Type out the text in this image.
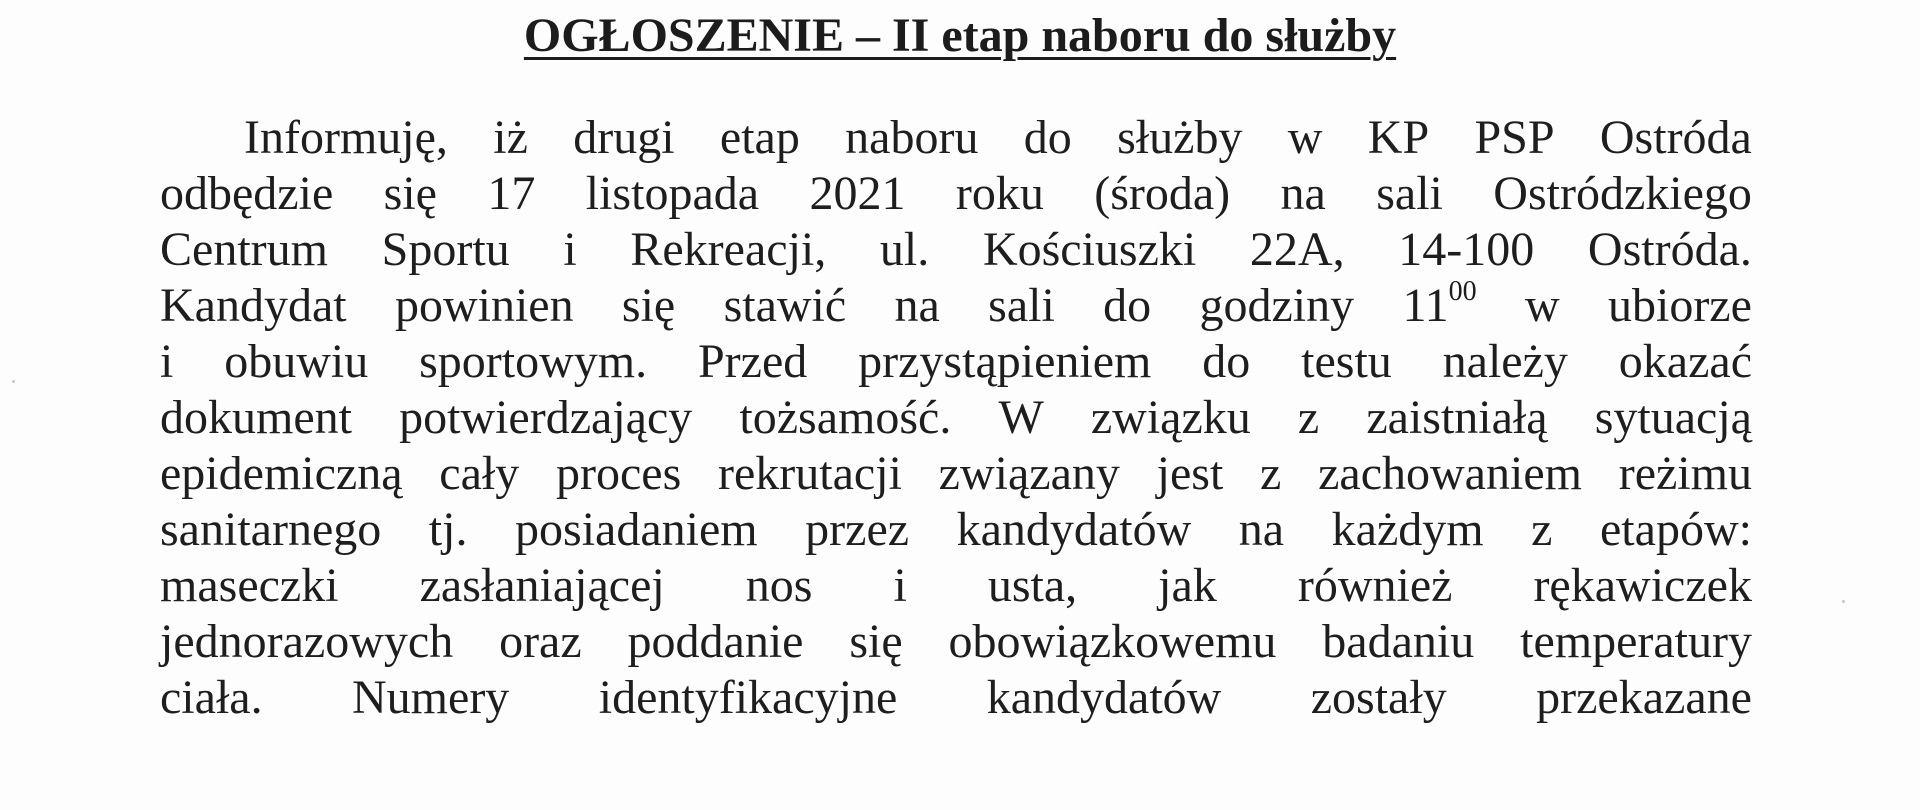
OGŁOSZENIE – II etap naboru do służby
Informuję, iż drugi etap naboru do służby w KP PSP Ostróda
odbędzie się 17 listopada 2021 roku (środa) na sali Ostródzkiego
Centrum Sportu i Rekreacji, ul. Kościuszki 22A, 14-100 Ostróda.
Kandydat powinien się stawić na sali do godziny $11^{00}$ w ubiorze
i obuwiu sportowym. Przed przystąpieniem do testu należy okazać
dokument potwierdzający tożsamość. W związku z zaistniałą sytuacją
epidemiczną cały proces rekrutacji związany jest z zachowaniem reżimu
sanitarnego tj. posiadaniem przez kandydatów na każdym z etapów:
maseczki zasłaniającej nos i usta, jak również rękawiczek
jednorazowych oraz poddanie się obowiązkowemu badaniu temperatury
ciała. Numery identyfikacyjne kandydatów zostały przekazane
